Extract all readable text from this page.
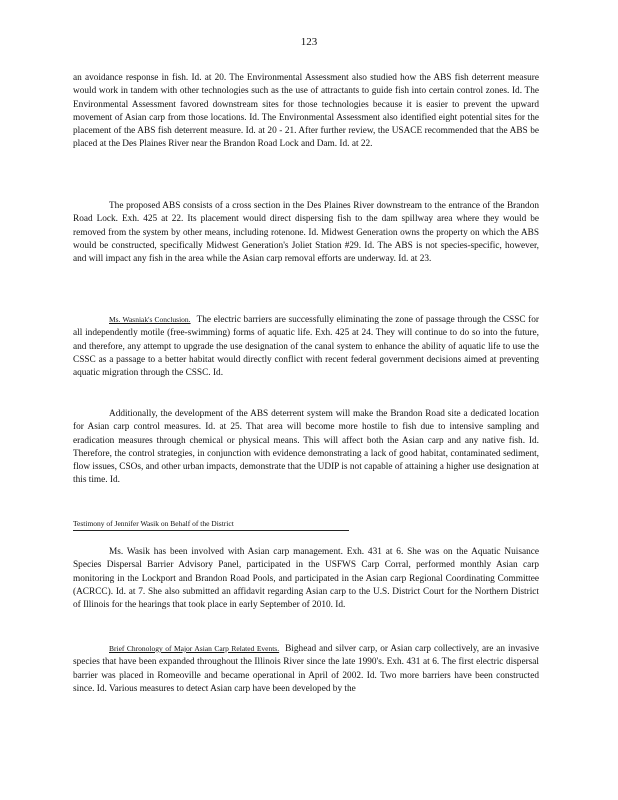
123

an avoidance response in fish. Id. at 20. The Environmental Assessment also studied how the ABS fish deterrent measure would work in tandem with other technologies such as the use of attractants to guide fish into certain control zones. Id. The Environmental Assessment favored downstream sites for those technologies because it is easier to prevent the upward movement of Asian carp from those locations. Id. The Environmental Assessment also identified eight potential sites for the placement of the ABS fish deterrent measure. Id. at 20 - 21. After further review, the USACE recommended that the ABS be placed at the Des Plaines River near the Brandon Road Lock and Dam. Id. at 22.

The proposed ABS consists of a cross section in the Des Plaines River downstream to the entrance of the Brandon Road Lock. Exh. 425 at 22. Its placement would direct dispersing fish to the dam spillway area where they would be removed from the system by other means, including rotenone. Id. Midwest Generation owns the property on which the ABS would be constructed, specifically Midwest Generation's Joliet Station #29. Id. The ABS is not species-specific, however, and will impact any fish in the area while the Asian carp removal efforts are underway. Id. at 23.

Ms. Wasniak's Conclusion. The electric barriers are successfully eliminating the zone of passage through the CSSC for all independently motile (free-swimming) forms of aquatic life. Exh. 425 at 24. They will continue to do so into the future, and therefore, any attempt to upgrade the use designation of the canal system to enhance the ability of aquatic life to use the CSSC as a passage to a better habitat would directly conflict with recent federal government decisions aimed at preventing aquatic migration through the CSSC. Id.

Additionally, the development of the ABS deterrent system will make the Brandon Road site a dedicated location for Asian carp control measures. Id. at 25. That area will become more hostile to fish due to intensive sampling and eradication measures through chemical or physical means. This will affect both the Asian carp and any native fish. Id. Therefore, the control strategies, in conjunction with evidence demonstrating a lack of good habitat, contaminated sediment, flow issues, CSOs, and other urban impacts, demonstrate that the UDIP is not capable of attaining a higher use designation at this time. Id.

Testimony of Jennifer Wasik on Behalf of the District

Ms. Wasik has been involved with Asian carp management. Exh. 431 at 6. She was on the Aquatic Nuisance Species Dispersal Barrier Advisory Panel, participated in the USFWS Carp Corral, performed monthly Asian carp monitoring in the Lockport and Brandon Road Pools, and participated in the Asian carp Regional Coordinating Committee (ACRCC). Id. at 7. She also submitted an affidavit regarding Asian carp to the U.S. District Court for the Northern District of Illinois for the hearings that took place in early September of 2010. Id.

Brief Chronology of Major Asian Carp Related Events. Bighead and silver carp, or Asian carp collectively, are an invasive species that have been expanded throughout the Illinois River since the late 1990's. Exh. 431 at 6. The first electric dispersal barrier was placed in Romeoville and became operational in April of 2002. Id. Two more barriers have been constructed since. Id. Various measures to detect Asian carp have been developed by the
